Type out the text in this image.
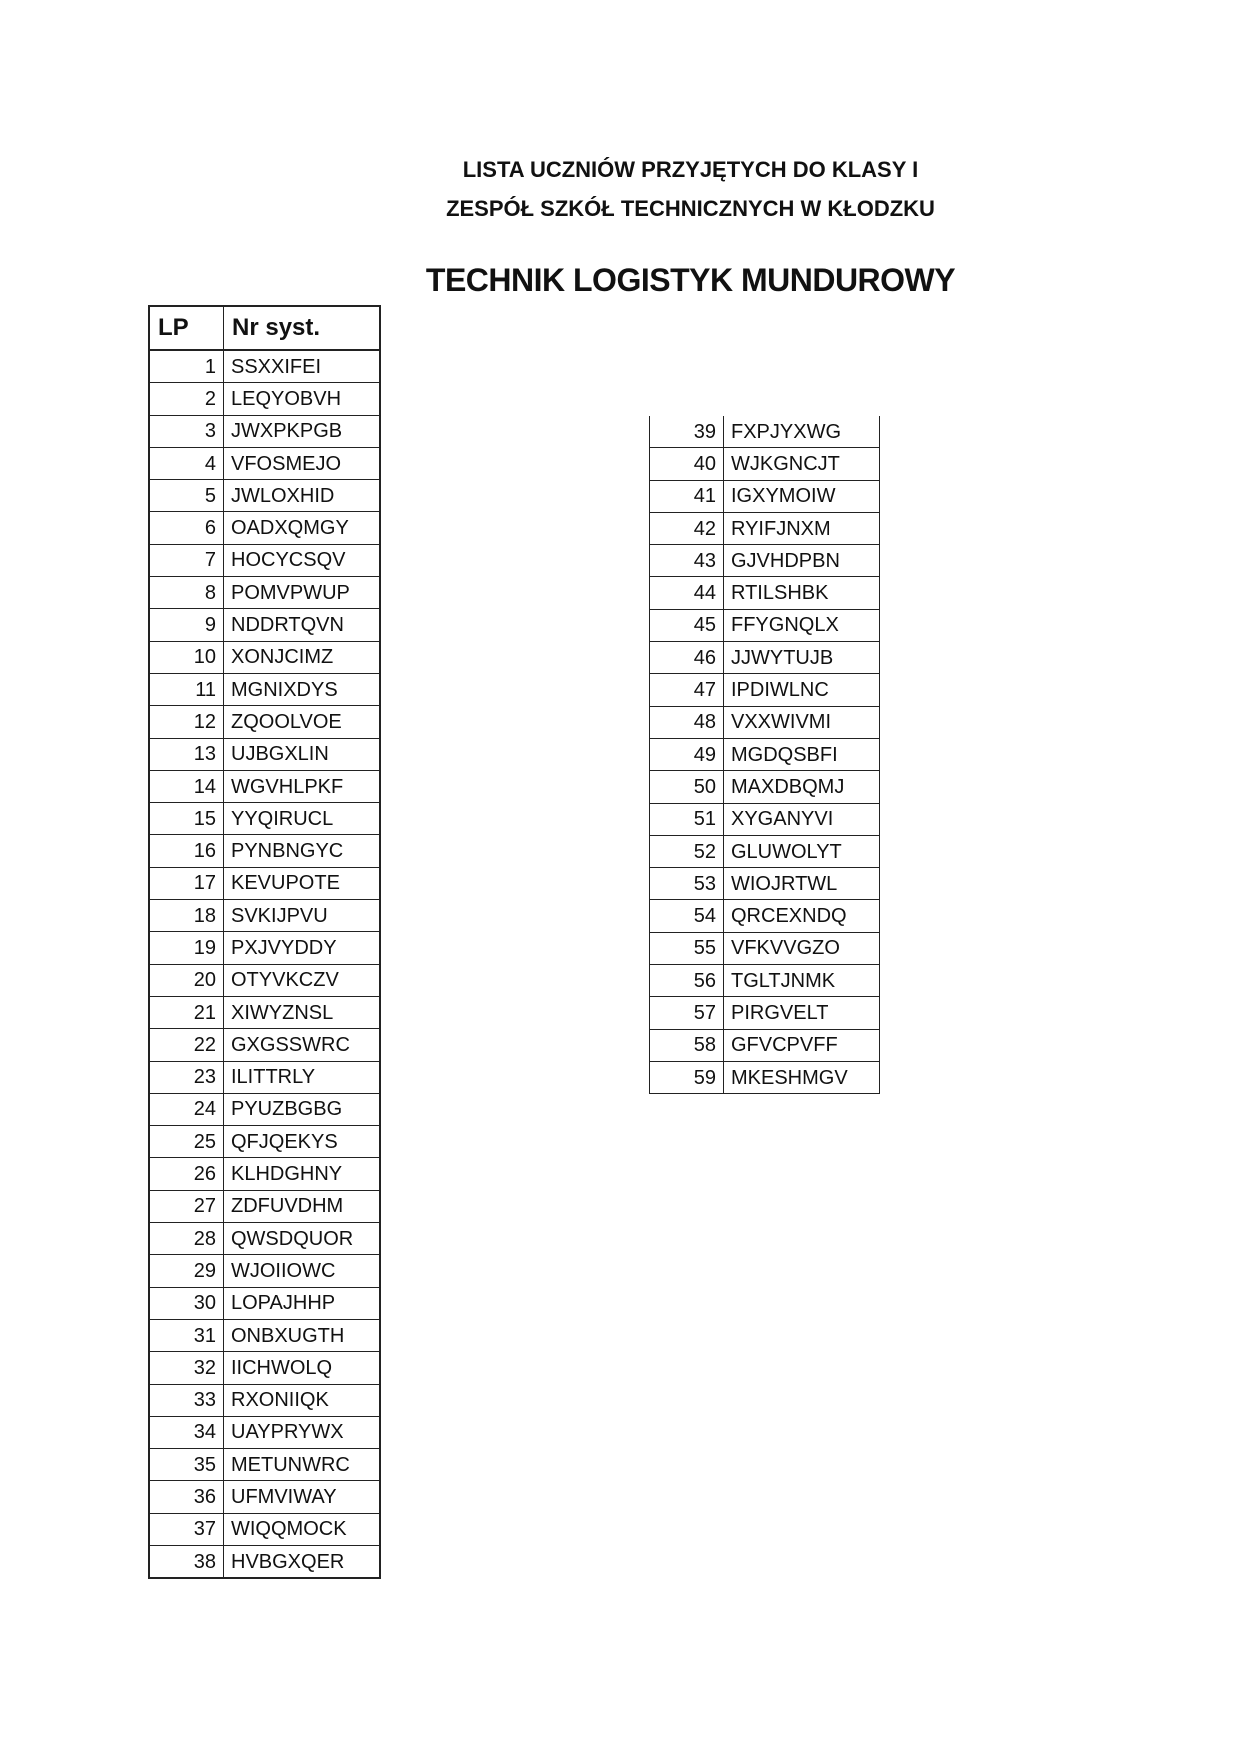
LISTA UCZNIÓW PRZYJĘTYCH DO KLASY I
ZESPÓŁ SZKÓŁ TECHNICZNYCH W KŁODZKU
TECHNIK LOGISTYK MUNDUROWY
LP	Nr syst.
1	SSXXIFEI
2	LEQYOBVH
3	JWXPKPGB
4	VFOSMEJO
5	JWLOXHID
6	OADXQMGY
7	HOCYCSQV
8	POMVPWUP
9	NDDRTQVN
10	XONJCIMZ
11	MGNIXDYS
12	ZQOOLVOE
13	UJBGXLIN
14	WGVHLPKF
15	YYQIRUCL
16	PYNBNGYC
17	KEVUPOTE
18	SVKIJPVU
19	PXJVYDDY
20	OTYVKCZV
21	XIWYZNSL
22	GXGSSWRC
23	ILITTRLY
24	PYUZBGBG
25	QFJQEKYS
26	KLHDGHNY
27	ZDFUVDHM
28	QWSDQUOR
29	WJOIIOWC
30	LOPAJHHP
31	ONBXUGTH
32	IICHWOLQ
33	RXONIIQK
34	UAYPRYWX
35	METUNWRC
36	UFMVIWAY
37	WIQQMOCK
38	HVBGXQER
39	FXPJYXWG
40	WJKGNCJT
41	IGXYMOIW
42	RYIFJNXM
43	GJVHDPBN
44	RTILSHBK
45	FFYGNQLX
46	JJWYTUJB
47	IPDIWLNC
48	VXXWIVMI
49	MGDQSBFI
50	MAXDBQMJ
51	XYGANYVI
52	GLUWOLYT
53	WIOJRTWL
54	QRCEXNDQ
55	VFKVVGZO
56	TGLTJNMK
57	PIRGVELT
58	GFVCPVFF
59	MKESHMGV
